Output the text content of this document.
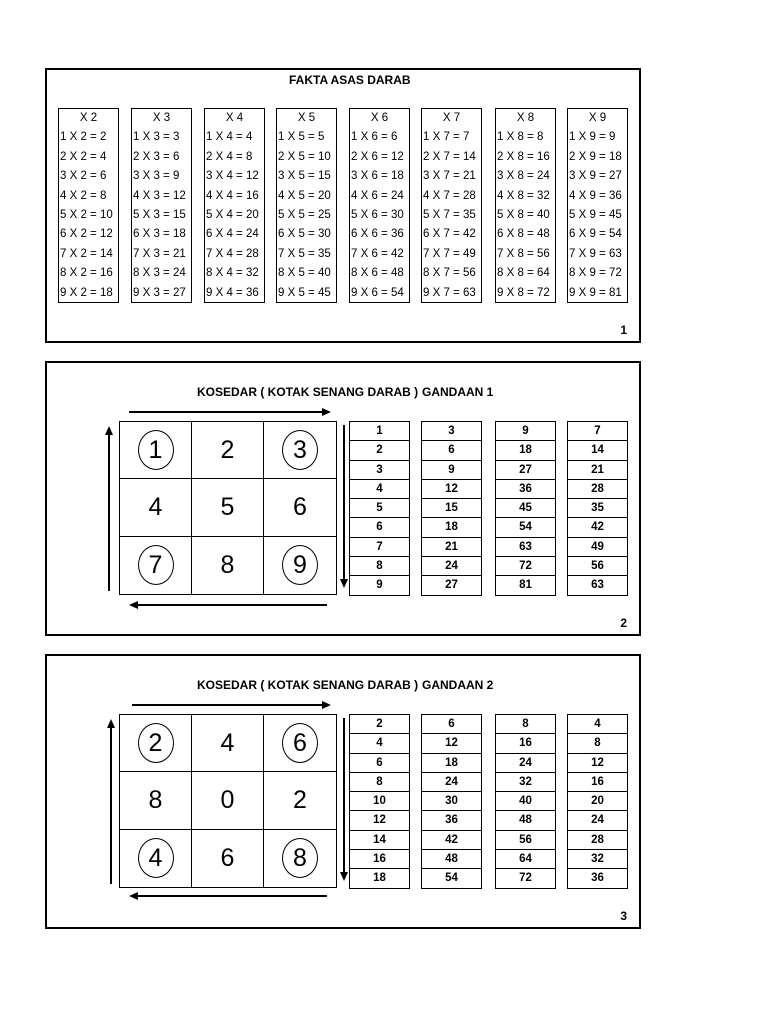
FAKTA ASAS DARAB
X 2
1 X 2 = 2
2 X 2 = 4
3 X 2 = 6
4 X 2 = 8
5 X 2 = 10
6 X 2 = 12
7 X 2 = 14
8 X 2 = 16
9 X 2 = 18
X 3
1 X 3 = 3
2 X 3 = 6
3 X 3 = 9
4 X 3 = 12
5 X 3 = 15
6 X 3 = 18
7 X 3 = 21
8 X 3 = 24
9 X 3 = 27
X 4
1 X 4 = 4
2 X 4 = 8
3 X 4 = 12
4 X 4 = 16
5 X 4 = 20
6 X 4 = 24
7 X 4 = 28
8 X 4 = 32
9 X 4 = 36
X 5
1 X 5 = 5
2 X 5 = 10
3 X 5 = 15
4 X 5 = 20
5 X 5 = 25
6 X 5 = 30
7 X 5 = 35
8 X 5 = 40
9 X 5 = 45
X 6
1 X 6 = 6
2 X 6 = 12
3 X 6 = 18
4 X 6 = 24
5 X 6 = 30
6 X 6 = 36
7 X 6 = 42
8 X 6 = 48
9 X 6 = 54
X 7
1 X 7 = 7
2 X 7 = 14
3 X 7 = 21
4 X 7 = 28
5 X 7 = 35
6 X 7 = 42
7 X 7 = 49
8 X 7 = 56
9 X 7 = 63
X 8
1 X 8 = 8
2 X 8 = 16
3 X 8 = 24
4 X 8 = 32
5 X 8 = 40
6 X 8 = 48
7 X 8 = 56
8 X 8 = 64
9 X 8 = 72
X 9
1 X 9 = 9
2 X 9 = 18
3 X 9 = 27
4 X 9 = 36
5 X 9 = 45
6 X 9 = 54
7 X 9 = 63
8 X 9 = 72
9 X 9 = 81
1
KOSEDAR ( KOTAK SENANG DARAB ) GANDAAN 1
1	2	3
4 5 6
7	8	9
1
2
3
4
5
6
7
8
9
3
6
9
12
15
18
21
24
27
9
18
27
36
45
54
63
72
81
7
14
21
28
35
42
49
56
63
2
KOSEDAR ( KOTAK SENANG DARAB ) GANDAAN 2
2	4	6
8 0 2
4	6	8
2
4
6
8
10
12
14
16
18
6
12
18
24
30
36
42
48
54
8
16
24
32
40
48
56
64
72
4
8
12
16
20
24
28
32
36
3
